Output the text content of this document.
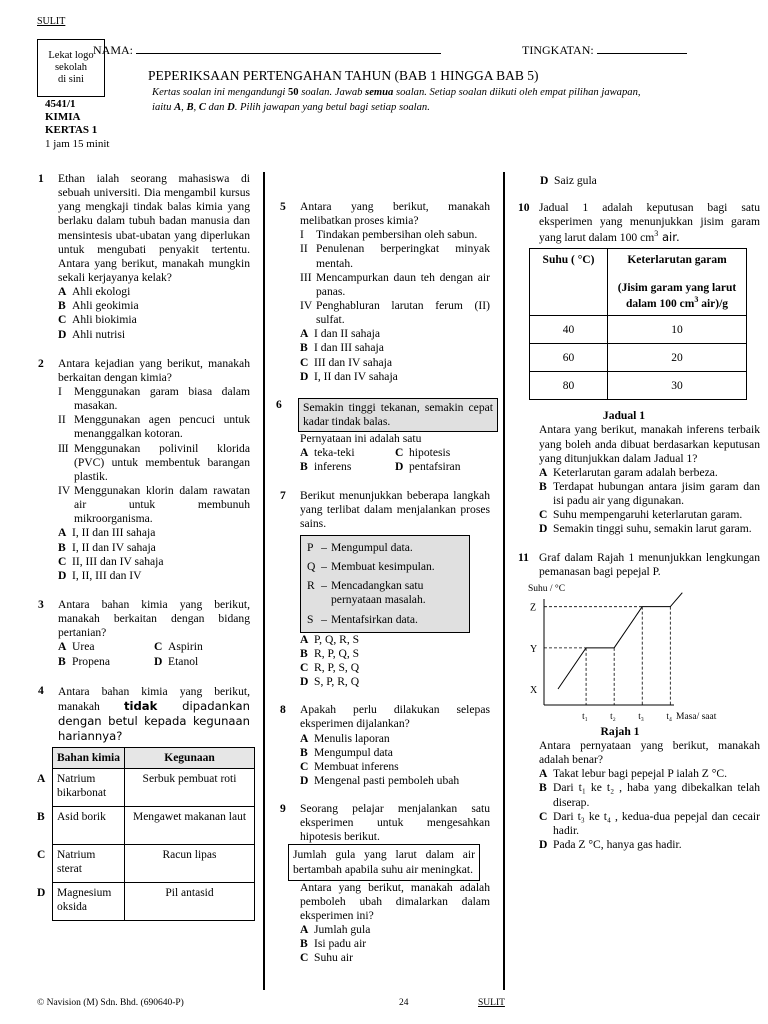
SULIT
Lekat logo
sekolah
di sini
NAMA:	TINGKATAN:
PEPERIKSAAN PERTENGAHAN TAHUN (BAB 1 HINGGA BAB 5)
Kertas soalan ini mengandungi 50 soalan. Jawab semua soalan. Setiap soalan diikuti oleh empat pilihan jawapan,
iaitu A, B, C dan D. Pilih jawapan yang betul bagi setiap soalan.
4541/1
KIMIA
KERTAS 1
1 jam 15 minit
1 Ethan ialah seorang mahasiswa di sebuah universiti. Dia mengambil kursus yang mengkaji tindak balas kimia yang berlaku dalam tubuh badan manusia dan mensintesis ubat-ubatan yang diperlukan untuk mengubati penyakit tertentu. Antara yang berikut, manakah mungkin sekali kerjayanya kelak?
A Ahli ekologi
B Ahli geokimia
C Ahli biokimia
D Ahli nutrisi
2 Antara kejadian yang berikut, manakah berkaitan dengan kimia?
I	Menggunakan garam biasa dalam masakan.
II Menggunakan agen pencuci untuk menanggalkan kotoran.
III Menggunakan polivinil klorida (PVC) untuk membentuk barangan plastik.
IV Menggunakan klorin dalam rawatan air untuk membunuh mikroorganisma.
A I, II dan III sahaja
B I, II dan IV sahaja
C II, III dan IV sahaja
D I, II, III dan IV
3 Antara bahan kimia yang berikut, manakah berkaitan dengan bidang pertanian?
A Urea	C Aspirin
B Propena	D Etanol
4 Antara bahan kimia yang berikut, manakah tidak dipadankan dengan betul kepada kegunaan hariannya?
Bahan kimia	Kegunaan

A Natrium bikarbonat	Serbuk pembuat roti

B Asid borik	Mengawet makanan laut

C Natrium sterat	Racun lipas

D Magnesium oksida	Pil antasid
5 Antara yang berikut, manakah melibatkan proses kimia?
I	Tindakan pembersihan oleh sabun.
II Penulenan berperingkat minyak mentah.
III Mencampurkan daun teh dengan air panas.
IV Penghabluran larutan ferum (II) sulfat.
A I dan II sahaja
B I dan III sahaja
C III dan IV sahaja
D I, II dan IV sahaja
6	Semakin tinggi tekanan, semakin cepat kadar tindak balas.
Pernyataan ini adalah satu
A teka-teki	C hipotesis
B inferens	D pentafsiran
7 Berikut menunjukkan beberapa langkah yang terlibat dalam menjalankan proses sains.
P – Mengumpul data.
Q – Membuat kesimpulan.
R – Mencadangkan satu pernyataan masalah.
S – Mentafsirkan data.
A P, Q, R, S
B R, P, Q, S
C R, P, S, Q
D S, P, R, Q
8 Apakah perlu dilakukan selepas eksperimen dijalankan?
A Menulis laporan
B Mengumpul data
C Membuat inferens
D Mengenal pasti pemboleh ubah
9 Seorang pelajar menjalankan satu eksperimen untuk mengesahkan hipotesis berikut.
Jumlah gula yang larut dalam air bertambah apabila suhu air meningkat.
Antara yang berikut, manakah adalah pemboleh ubah dimalarkan dalam eksperimen ini?
A Jumlah gula
B Isi padu air
C Suhu air
D Saiz gula
10 Jadual 1 adalah keputusan bagi satu eksperimen yang menunjukkan jisim garam yang larut dalam 100 $cm^3$ air.
Suhu ( °C)	Keterlarutan garam
(Jisim garam yang larut dalam 100 $cm^3$ air)/g

40	10
60	20
80	30
Jadual 1
Antara yang berikut, manakah inferens terbaik yang boleh anda dibuat berdasarkan keputusan yang ditunjukkan dalam Jadual 1?
A Keterlarutan garam adalah berbeza.
B Terdapat hubungan antara jisim garam dan isi padu air yang digunakan.
C Suhu mempengaruhi keterlarutan garam.
D Semakin tinggi suhu, semakin larut garam.
11 Graf dalam Rajah 1 menunjukkan lengkungan pemanasan bagi pepejal P.
Suhu / °C
X
Y
Z
t₁ t₂ t₃ t₄ Masa/ saat
Rajah 1
Antara pernyataan yang berikut, manakah adalah benar?
A Takat lebur bagi pepejal P ialah Z °C.
B Dari t₁ ke t₂ , haba yang dibekalkan telah diserap.
C Dari t₃ ke t₄ , kedua-dua pepejal dan cecair hadir.
D Pada Z °C, hanya gas hadir.
© Navision (M) Sdn. Bhd. (690640-P)	24	SULIT
